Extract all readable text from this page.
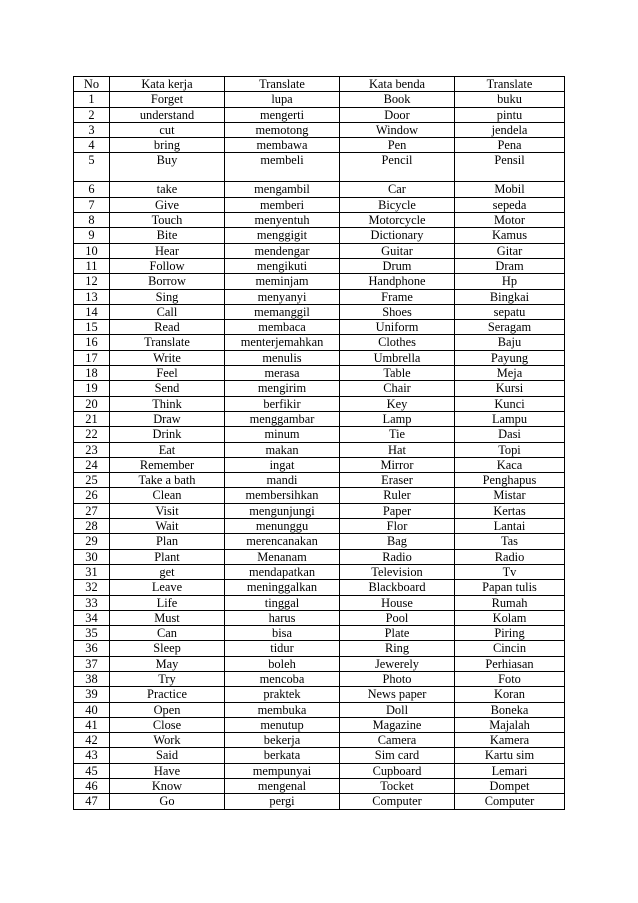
No	Kata kerja	Translate	Kata benda	Translate
1	Forget	lupa	Book	buku
2	understand	mengerti	Door	pintu
3	cut	memotong	Window	jendela
4	bring	membawa	Pen	Pena
5	Buy	membeli	Pencil	Pensil
6	take	mengambil	Car	Mobil
7	Give	memberi	Bicycle	sepeda
8	Touch	menyentuh	Motorcycle	Motor
9	Bite	menggigit	Dictionary	Kamus
10	Hear	mendengar	Guitar	Gitar
11	Follow	mengikuti	Drum	Dram
12	Borrow	meminjam	Handphone	Hp
13	Sing	menyanyi	Frame	Bingkai
14	Call	memanggil	Shoes	sepatu
15	Read	membaca	Uniform	Seragam
16	Translate	menterjemahkan	Clothes	Baju
17	Write	menulis	Umbrella	Payung
18	Feel	merasa	Table	Meja
19	Send	mengirim	Chair	Kursi
20	Think	berfikir	Key	Kunci
21	Draw	menggambar	Lamp	Lampu
22	Drink	minum	Tie	Dasi
23	Eat	makan	Hat	Topi
24	Remember	ingat	Mirror	Kaca
25	Take a bath	mandi	Eraser	Penghapus
26	Clean	membersihkan	Ruler	Mistar
27	Visit	mengunjungi	Paper	Kertas
28	Wait	menunggu	Flor	Lantai
29	Plan	merencanakan	Bag	Tas
30	Plant	Menanam	Radio	Radio
31	get	mendapatkan	Television	Tv
32	Leave	meninggalkan	Blackboard	Papan tulis
33	Life	tinggal	House	Rumah
34	Must	harus	Pool	Kolam
35	Can	bisa	Plate	Piring
36	Sleep	tidur	Ring	Cincin
37	May	boleh	Jewerely	Perhiasan
38	Try	mencoba	Photo	Foto
39	Practice	praktek	News paper	Koran
40	Open	membuka	Doll	Boneka
41	Close	menutup	Magazine	Majalah
42	Work	bekerja	Camera	Kamera
43	Said	berkata	Sim card	Kartu sim
45	Have	mempunyai	Cupboard	Lemari
46	Know	mengenal	Tocket	Dompet
47	Go	pergi	Computer	Computer
